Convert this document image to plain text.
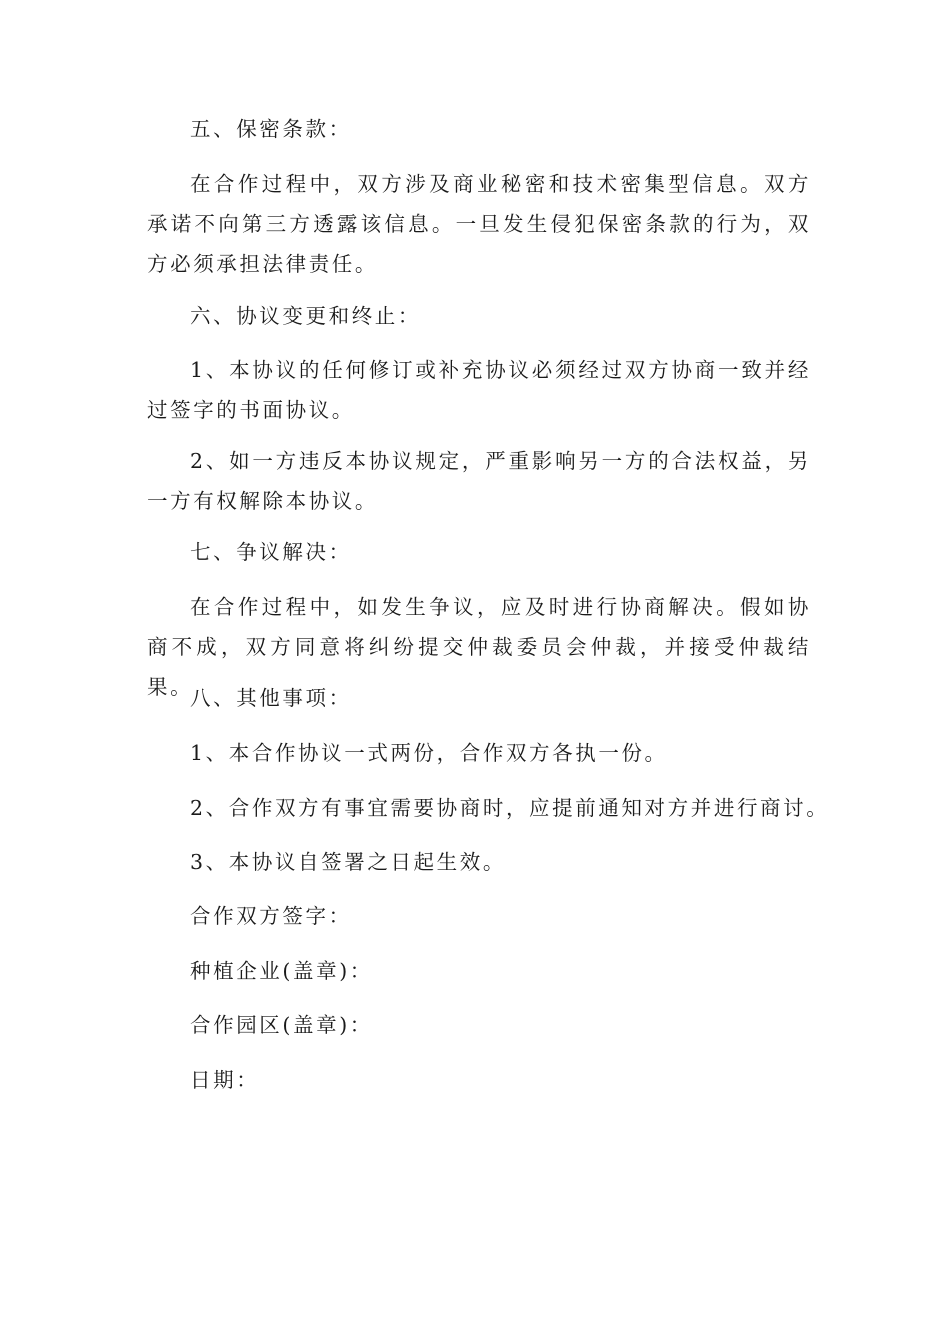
五、保密条款：
在合作过程中，双方涉及商业秘密和技术密集型信息。双方承诺不向第三方透露该信息。一旦发生侵犯保密条款的行为，双方必须承担法律责任。
六、协议变更和终止：
1、本协议的任何修订或补充协议必须经过双方协商一致并经过签字的书面协议。
2、如一方违反本协议规定，严重影响另一方的合法权益，另一方有权解除本协议。
七、争议解决：
在合作过程中，如发生争议，应及时进行协商解决。假如协商不成，双方同意将纠纷提交仲裁委员会仲裁，并接受仲裁结果。
八、其他事项：
1、本合作协议一式两份，合作双方各执一份。
2、合作双方有事宜需要协商时，应提前通知对方并进行商讨。
3、本协议自签署之日起生效。
合作双方签字：
种植企业(盖章)：
合作园区(盖章)：
日期：
